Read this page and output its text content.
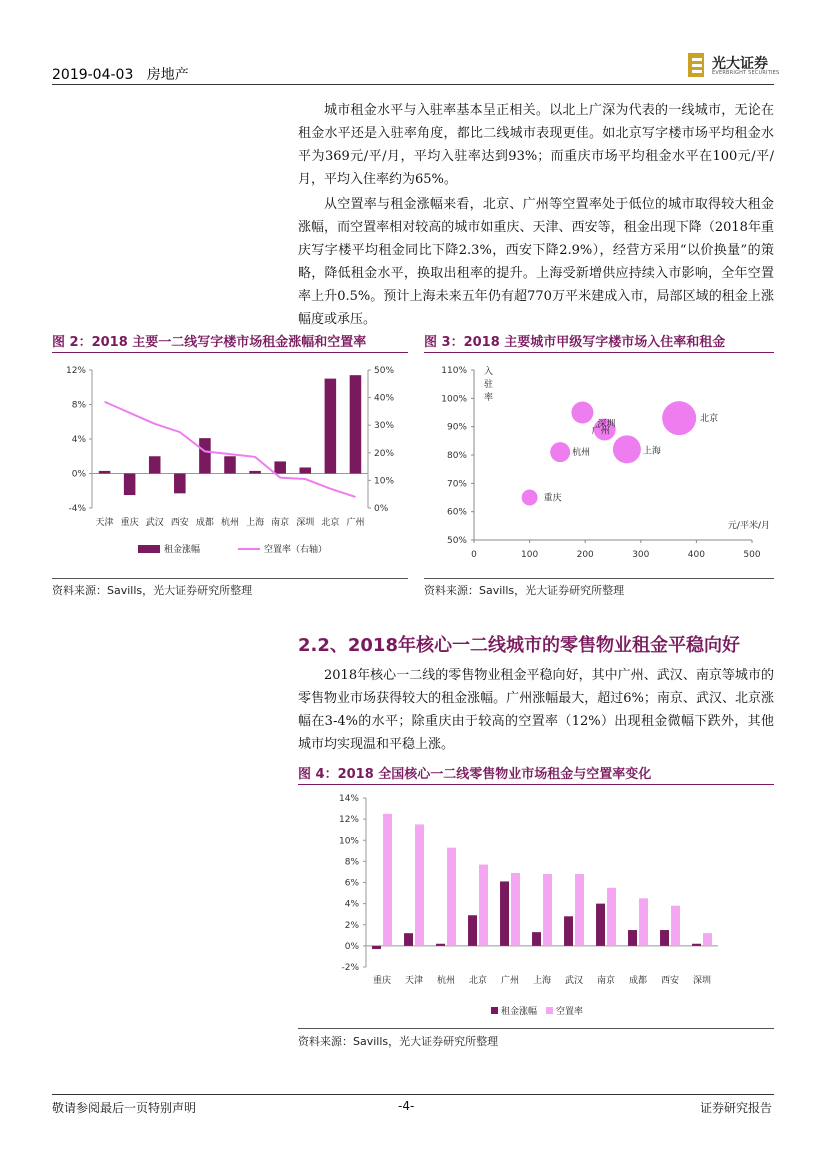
2019-04-03 房地产
光大证券
EVERBRIGHT SECURITIES
城市租金水平与入驻率基本呈正相关。以北上广深为代表的一线城市，无论在租金水平还是入驻率角度，都比二线城市表现更佳。如北京写字楼市场平均租金水平为369元/平/月，平均入驻率达到93%；而重庆市场平均租金水平在100元/平/月，平均入住率约为65%。
从空置率与租金涨幅来看，北京、广州等空置率处于低位的城市取得较大租金涨幅，而空置率相对较高的城市如重庆、天津、西安等，租金出现下降（2018年重庆写字楼平均租金同比下降2.3%，西安下降2.9%），经营方采用“以价换量”的策略，降低租金水平，换取出租率的提升。上海受新增供应持续入市影响，全年空置率上升0.5%。预计上海未来五年仍有超770万平米建成入市，局部区域的租金上涨幅度或承压。
图 2：2018 主要一二线写字楼市场租金涨幅和空置率
-4%
0%
4%
8%
12%
0%
10%
20%
30%
40%
50%
天津 重庆 武汉 西安 成都 杭州 上海 南京 深圳 北京 广州
租金涨幅	空置率（右轴）
资料来源：Savills，光大证券研究所整理
图 3：2018 主要城市甲级写字楼市场入住率和租金
50%
60%
70%
80%
90%
100%
110%
0	100	200	300	400	500
入
驻
率
元/平米/月
北京
广州
深圳
上海
杭州
重庆
资料来源：Savills，光大证券研究所整理
2.2、2018年核心一二线城市的零售物业租金平稳向好
2018年核心一二线的零售物业租金平稳向好，其中广州、武汉、南京等城市的零售物业市场获得较大的租金涨幅。广州涨幅最大，超过6%；南京、武汉、北京涨幅在3-4%的水平；除重庆由于较高的空置率（12%）出现租金微幅下跌外，其他城市均实现温和平稳上涨。
图 4：2018 全国核心一二线零售物业市场租金与空置率变化
-2%
0%
2%
4%
6%
8%
10%
12%
14%
重庆 天津 杭州 北京 广州 上海 武汉 南京 成都 西安 深圳
租金涨幅 空置率
资料来源：Savills，光大证券研究所整理
敬请参阅最后一页特别声明	-4-	证券研究报告
